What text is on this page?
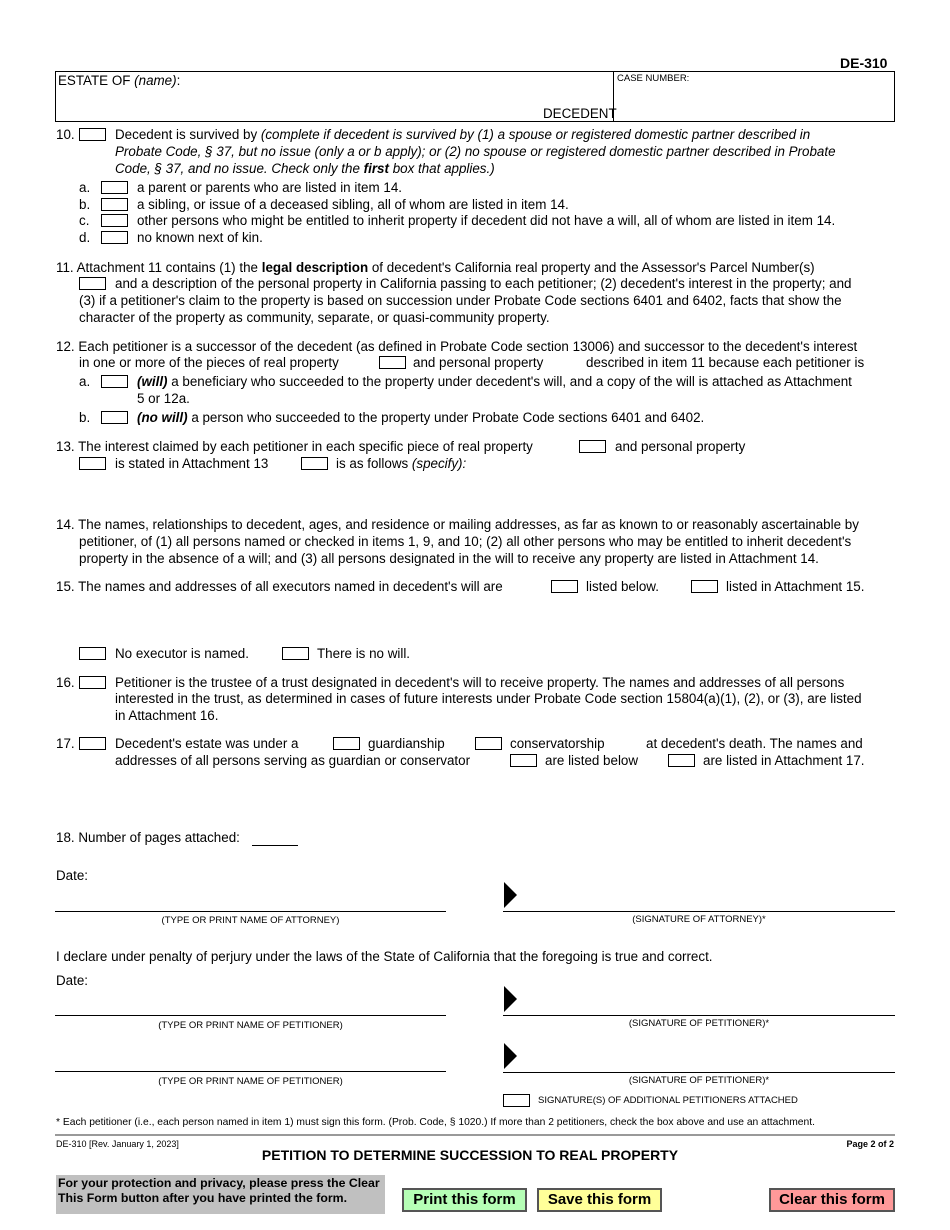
DE-310
ESTATE OF (name):
DECEDENT
CASE NUMBER:
10.	Decedent is survived by (complete if decedent is survived by (1) a spouse or registered domestic partner described in
Probate Code, § 37, but no issue (only a or b apply); or (2) no spouse or registered domestic partner described in Probate
Code, § 37, and no issue. Check only the first box that applies.)
a.	a parent or parents who are listed in item 14.
b.	a sibling, or issue of a deceased sibling, all of whom are listed in item 14.
c.	other persons who might be entitled to inherit property if decedent did not have a will, all of whom are listed in item 14.
d.	no known next of kin.
11. Attachment 11 contains (1) the legal description of decedent's California real property and the Assessor's Parcel Number(s)
and a description of the personal property in California passing to each petitioner; (2) decedent's interest in the property; and
(3) if a petitioner's claim to the property is based on succession under Probate Code sections 6401 and 6402, facts that show the
character of the property as community, separate, or quasi-community property.
12. Each petitioner is a successor of the decedent (as defined in Probate Code section 13006) and successor to the decedent's interest
in one or more of the pieces of real property	and personal property	described in item 11 because each petitioner is
a.	(will) a beneficiary who succeeded to the property under decedent's will, and a copy of the will is attached as Attachment
5 or 12a.
b.	(no will) a person who succeeded to the property under Probate Code sections 6401 and 6402.
13. The interest claimed by each petitioner in each specific piece of real property	and personal property
is stated in Attachment 13	is as follows (specify):
14. The names, relationships to decedent, ages, and residence or mailing addresses, as far as known to or reasonably ascertainable by
petitioner, of (1) all persons named or checked in items 1, 9, and 10; (2) all other persons who may be entitled to inherit decedent's
property in the absence of a will; and (3) all persons designated in the will to receive any property are listed in Attachment 14.
15. The names and addresses of all executors named in decedent's will are	listed below.	listed in Attachment 15.
No executor is named.	There is no will.
16.	Petitioner is the trustee of a trust designated in decedent's will to receive property. The names and addresses of all persons
interested in the trust, as determined in cases of future interests under Probate Code section 15804(a)(1), (2), or (3), are listed
in Attachment 16.
17.	Decedent's estate was under a	guardianship	conservatorship	at decedent's death. The names and
addresses of all persons serving as guardian or conservator	are listed below	are listed in Attachment 17.
18. Number of pages attached:
Date:
(TYPE OR PRINT NAME OF ATTORNEY)	(SIGNATURE OF ATTORNEY)*
I declare under penalty of perjury under the laws of the State of California that the foregoing is true and correct.
Date:
(TYPE OR PRINT NAME OF PETITIONER)	(SIGNATURE OF PETITIONER)*
(TYPE OR PRINT NAME OF PETITIONER)	(SIGNATURE OF PETITIONER)*
SIGNATURE(S) OF ADDITIONAL PETITIONERS ATTACHED
* Each petitioner (i.e., each person named in item 1) must sign this form. (Prob. Code, § 1020.) If more than 2 petitioners, check the box above and use an attachment.
DE-310 [Rev. January 1, 2023]
PETITION TO DETERMINE SUCCESSION TO REAL PROPERTY
Page 2 of 2
For your protection and privacy, please press the Clear
This Form button after you have printed the form.	Print this form	Save this form	Clear this form
